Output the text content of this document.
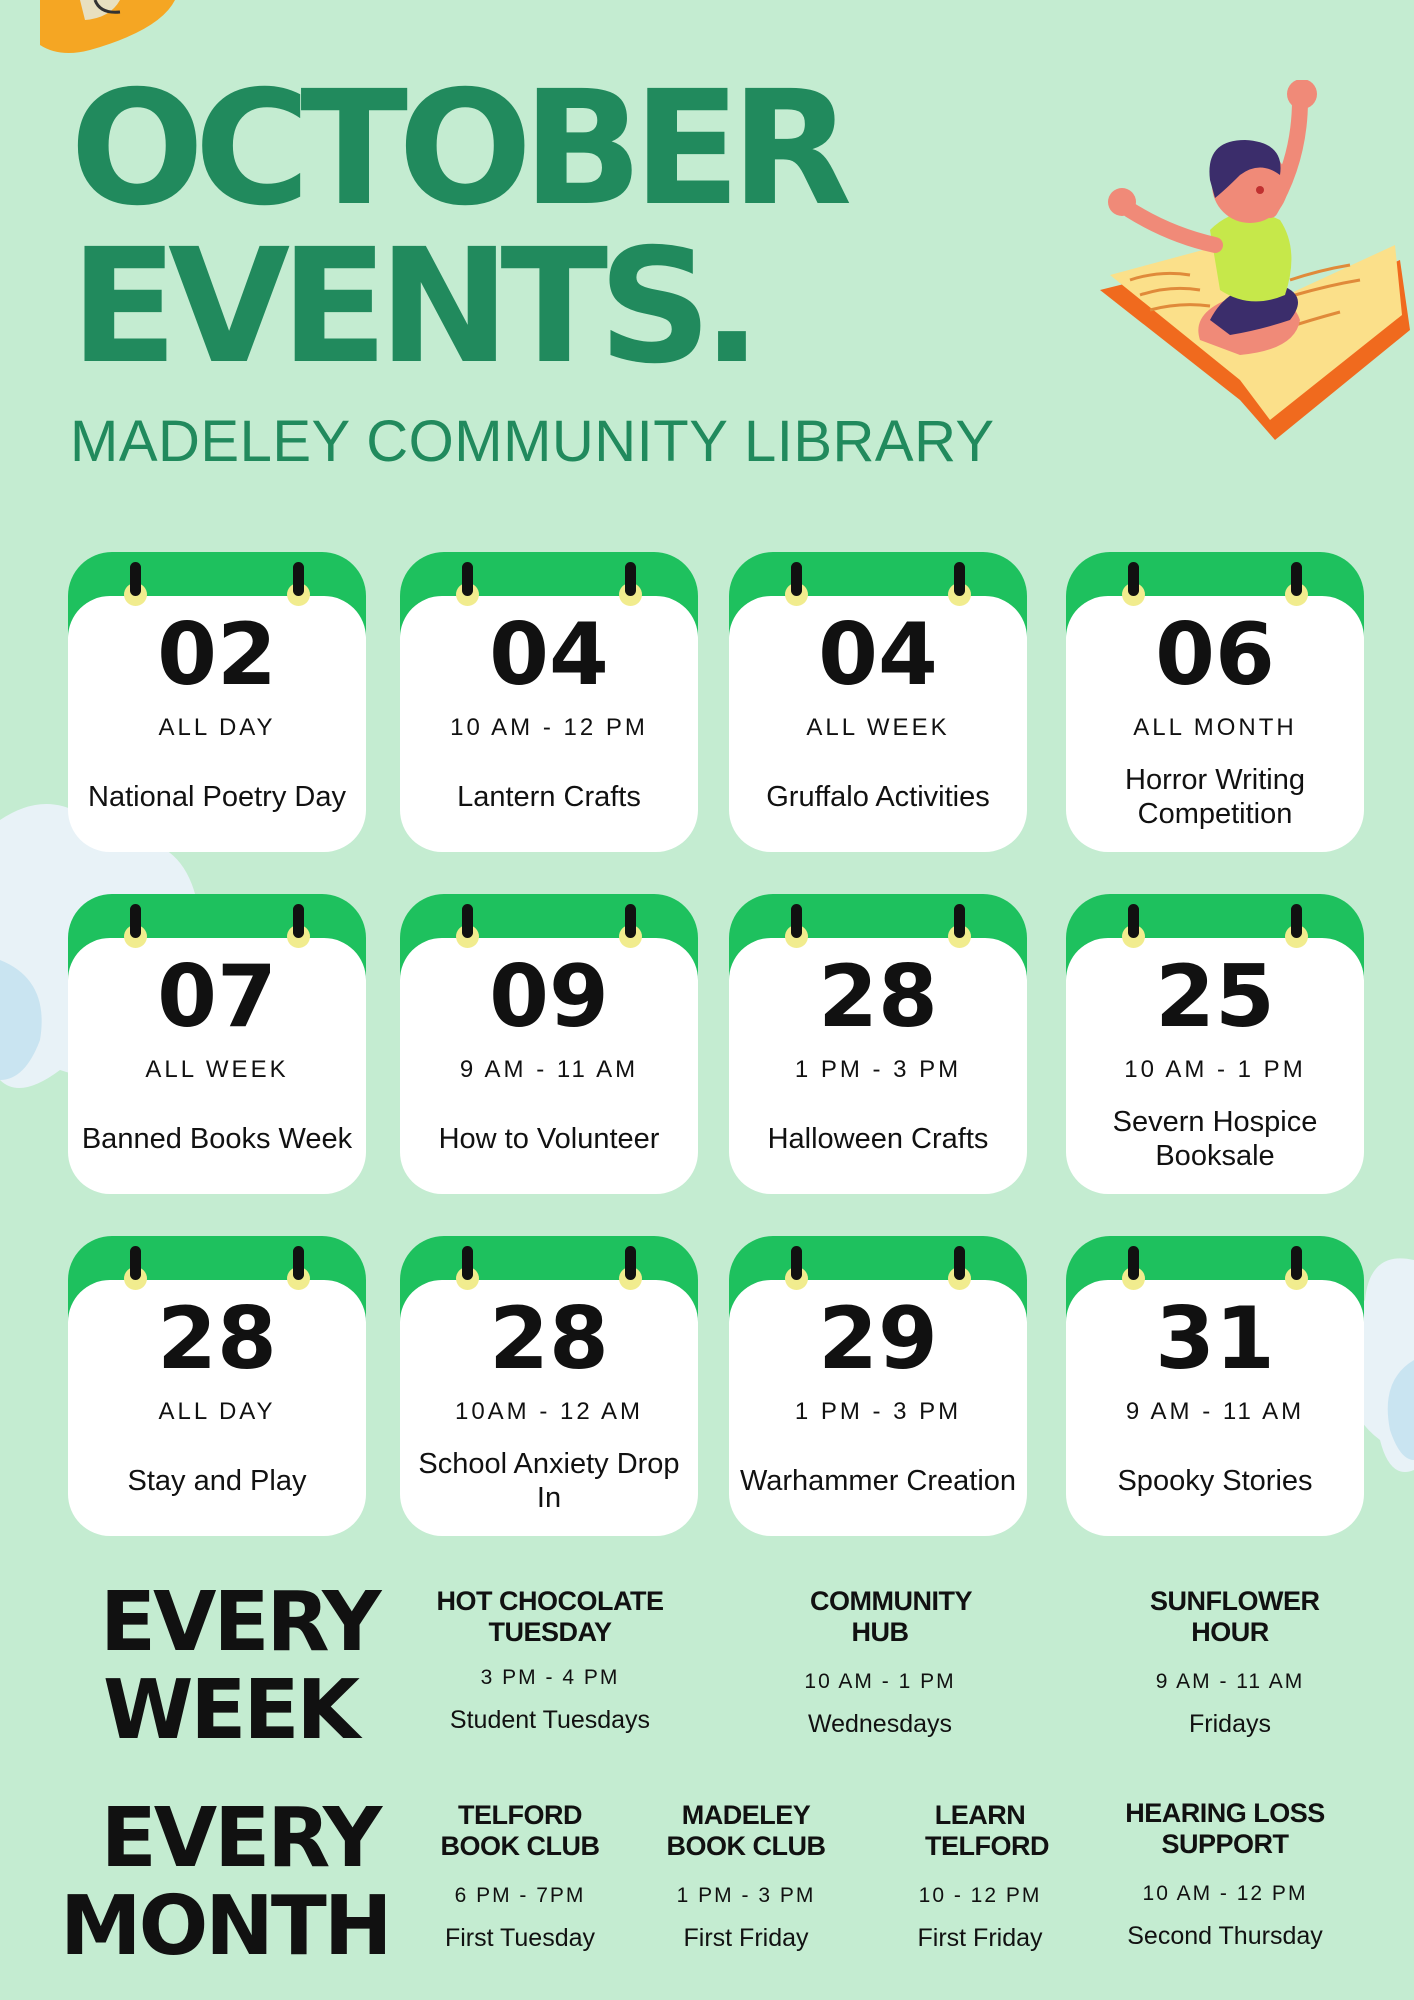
OCTOBER
EVENTS.
MADELEY COMMUNITY LIBRARY
02
ALL DAY
National Poetry Day
04
10 AM - 12 PM
Lantern Crafts
04
ALL WEEK
Gruffalo Activities
06
ALL MONTH
Horror Writing Competition
07
ALL WEEK
Banned Books Week
09
9 AM - 11 AM
How to Volunteer
28
1 PM - 3 PM
Halloween Crafts
25
10 AM - 1 PM
Severn Hospice Booksale
28
ALL DAY
Stay and Play
28
10AM - 12 AM
School Anxiety Drop In
29
1 PM - 3 PM
Warhammer Creation
31
9 AM - 11 AM
Spooky Stories
EVERY
WEEK
HOT CHOCOLATE TUESDAY
3 PM - 4 PM
Student Tuesdays
COMMUNITY HUB
10 AM - 1 PM
Wednesdays
SUNFLOWER HOUR
9 AM - 11 AM
Fridays
EVERY
MONTH
TELFORD BOOK CLUB
6 PM - 7PM
First Tuesday
MADELEY BOOK CLUB
1 PM - 3 PM
First Friday
LEARN TELFORD
10 - 12 PM
First Friday
HEARING LOSS SUPPORT
10 AM - 12 PM
Second Thursday
